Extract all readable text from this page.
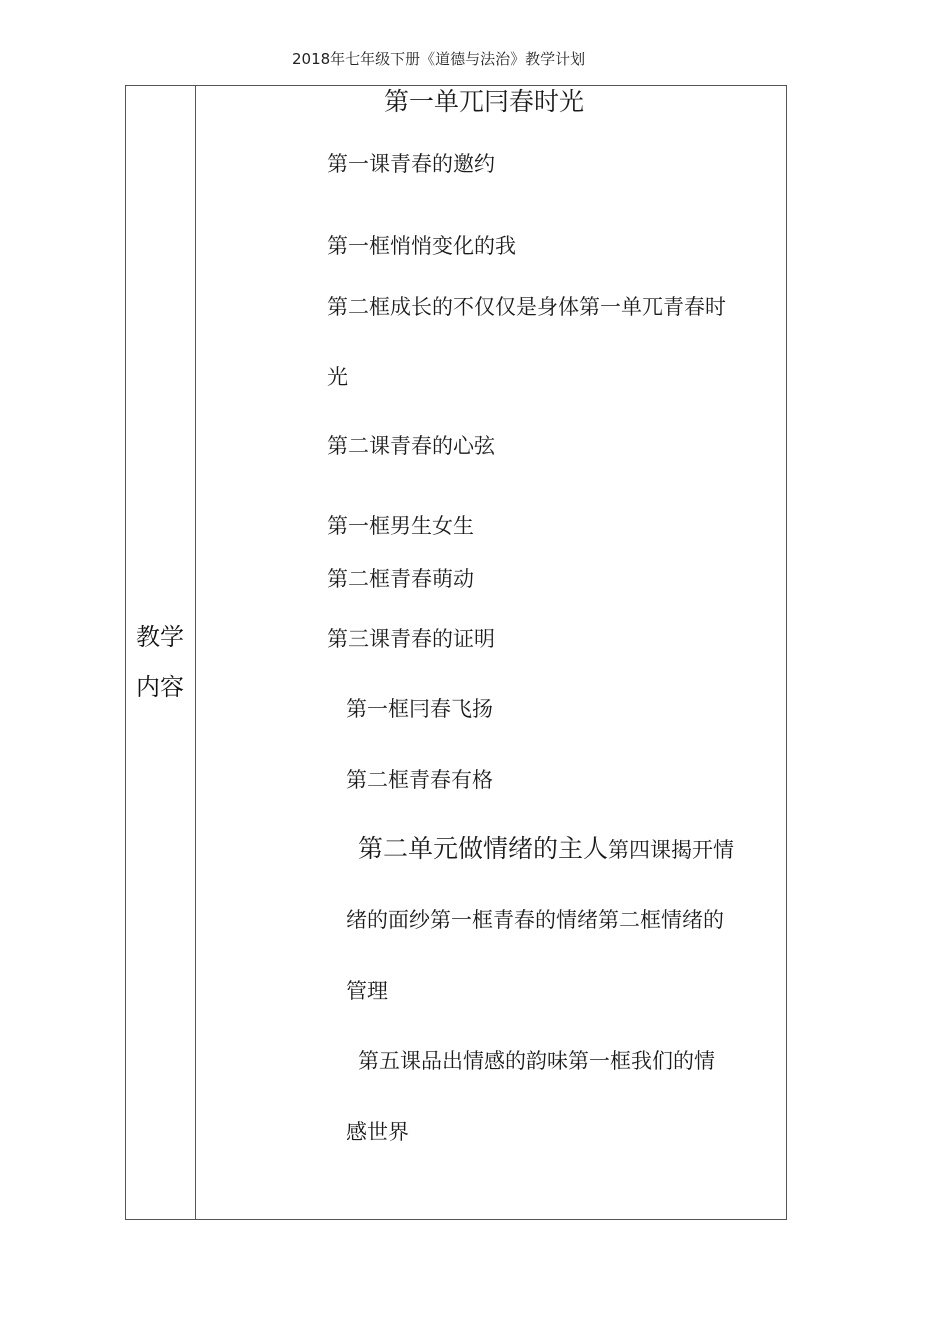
2018年七年级下册《道德与法治》教学计划
教学
内容
第一单兀冃春时光
第一课青春的邀约
第一框悄悄变化的我
第二框成长的不仅仅是身体第一单兀青春时
光
第二课青春的心弦
第一框男生女生
第二框青春萌动
第三课青春的证明
第一框冃春飞扬
第二框青春有格
第二单元做情绪的主人第四课揭开情
绪的面纱第一框青春的情绪第二框情绪的
管理
第五课品出情感的韵味第一框我们的情
感世界
